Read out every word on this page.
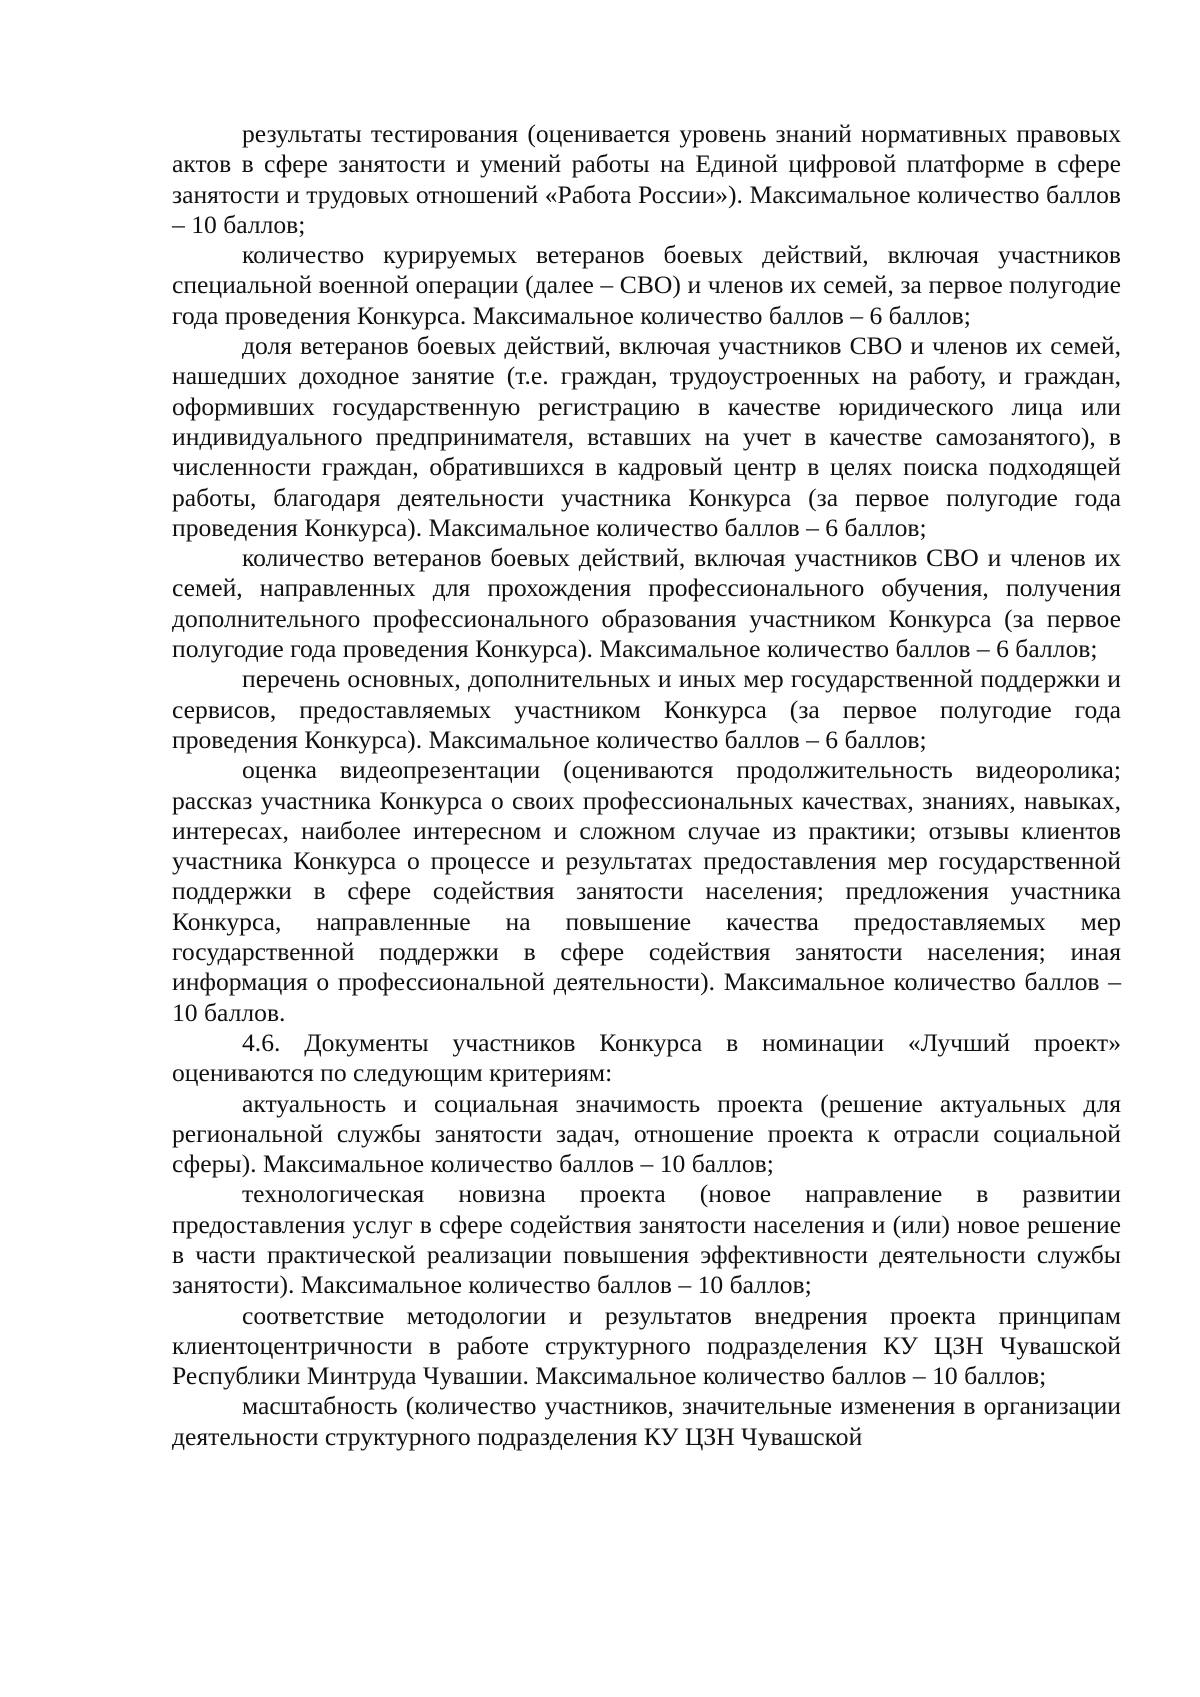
результаты тестирования (оценивается уровень знаний нормативных правовых актов в сфере занятости и умений работы на Единой цифровой платформе в сфере занятости и трудовых отношений «Работа России»). Максимальное количество баллов – 10 баллов;

количество курируемых ветеранов боевых действий, включая участников специальной военной операции (далее – СВО) и членов их семей, за первое полугодие года проведения Конкурса. Максимальное количество баллов – 6 баллов;

доля ветеранов боевых действий, включая участников СВО и членов их семей, нашедших доходное занятие (т.е. граждан, трудоустроенных на работу, и граждан, оформивших государственную регистрацию в качестве юридического лица или индивидуального предпринимателя, вставших на учет в качестве самозанятого), в численности граждан, обратившихся в кадровый центр в целях поиска подходящей работы, благодаря деятельности участника Конкурса (за первое полугодие года проведения Конкурса). Максимальное количество баллов – 6 баллов;

количество ветеранов боевых действий, включая участников СВО и членов их семей, направленных для прохождения профессионального обучения, получения дополнительного профессионального образования участником Конкурса (за первое полугодие года проведения Конкурса). Максимальное количество баллов – 6 баллов;

перечень основных, дополнительных и иных мер государственной поддержки и сервисов, предоставляемых участником Конкурса (за первое полугодие года проведения Конкурса). Максимальное количество баллов – 6 баллов;

оценка видеопрезентации (оцениваются продолжительность видеоролика; рассказ участника Конкурса о своих профессиональных качествах, знаниях, навыках, интересах, наиболее интересном и сложном случае из практики; отзывы клиентов участника Конкурса о процессе и результатах предоставления мер государственной поддержки в сфере содействия занятости населения; предложения участника Конкурса, направленные на повышение качества предоставляемых мер государственной поддержки в сфере содействия занятости населения; иная информация о профессиональной деятельности). Максимальное количество баллов – 10 баллов.

4.6. Документы участников Конкурса в номинации «Лучший проект» оцениваются по следующим критериям:

актуальность и социальная значимость проекта (решение актуальных для региональной службы занятости задач, отношение проекта к отрасли социальной сферы). Максимальное количество баллов – 10 баллов;

технологическая новизна проекта (новое направление в развитии предоставления услуг в сфере содействия занятости населения и (или) новое решение в части практической реализации повышения эффективности деятельности службы занятости). Максимальное количество баллов – 10 баллов;

соответствие методологии и результатов внедрения проекта принципам клиентоцентричности в работе структурного подразделения КУ ЦЗН Чувашской Республики Минтруда Чувашии. Максимальное количество баллов – 10 баллов;

масштабность (количество участников, значительные изменения в организации деятельности структурного подразделения КУ ЦЗН Чувашской
